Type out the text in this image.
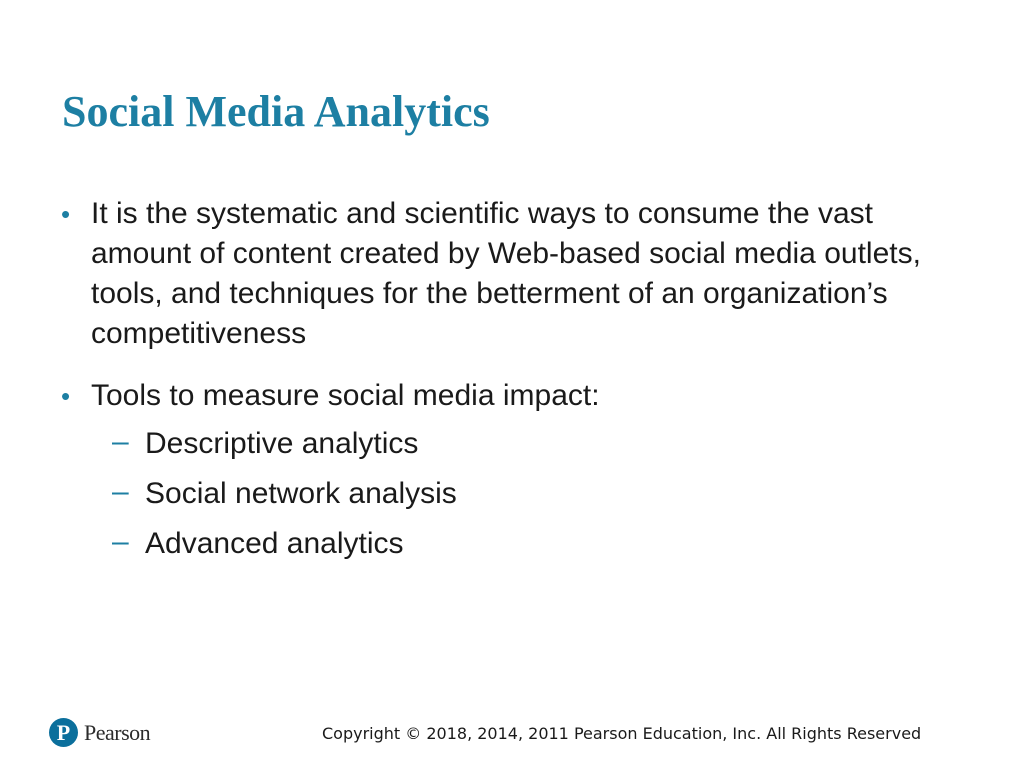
Social Media Analytics
• It is the systematic and scientific ways to consume the vast amount of content created by Web-based social media outlets, tools, and techniques for the betterment of an organization’s competitiveness
• Tools to measure social media impact:
– Descriptive analytics
– Social network analysis
– Advanced analytics
P Pearson	Copyright © 2018, 2014, 2011 Pearson Education, Inc. All Rights Reserved
